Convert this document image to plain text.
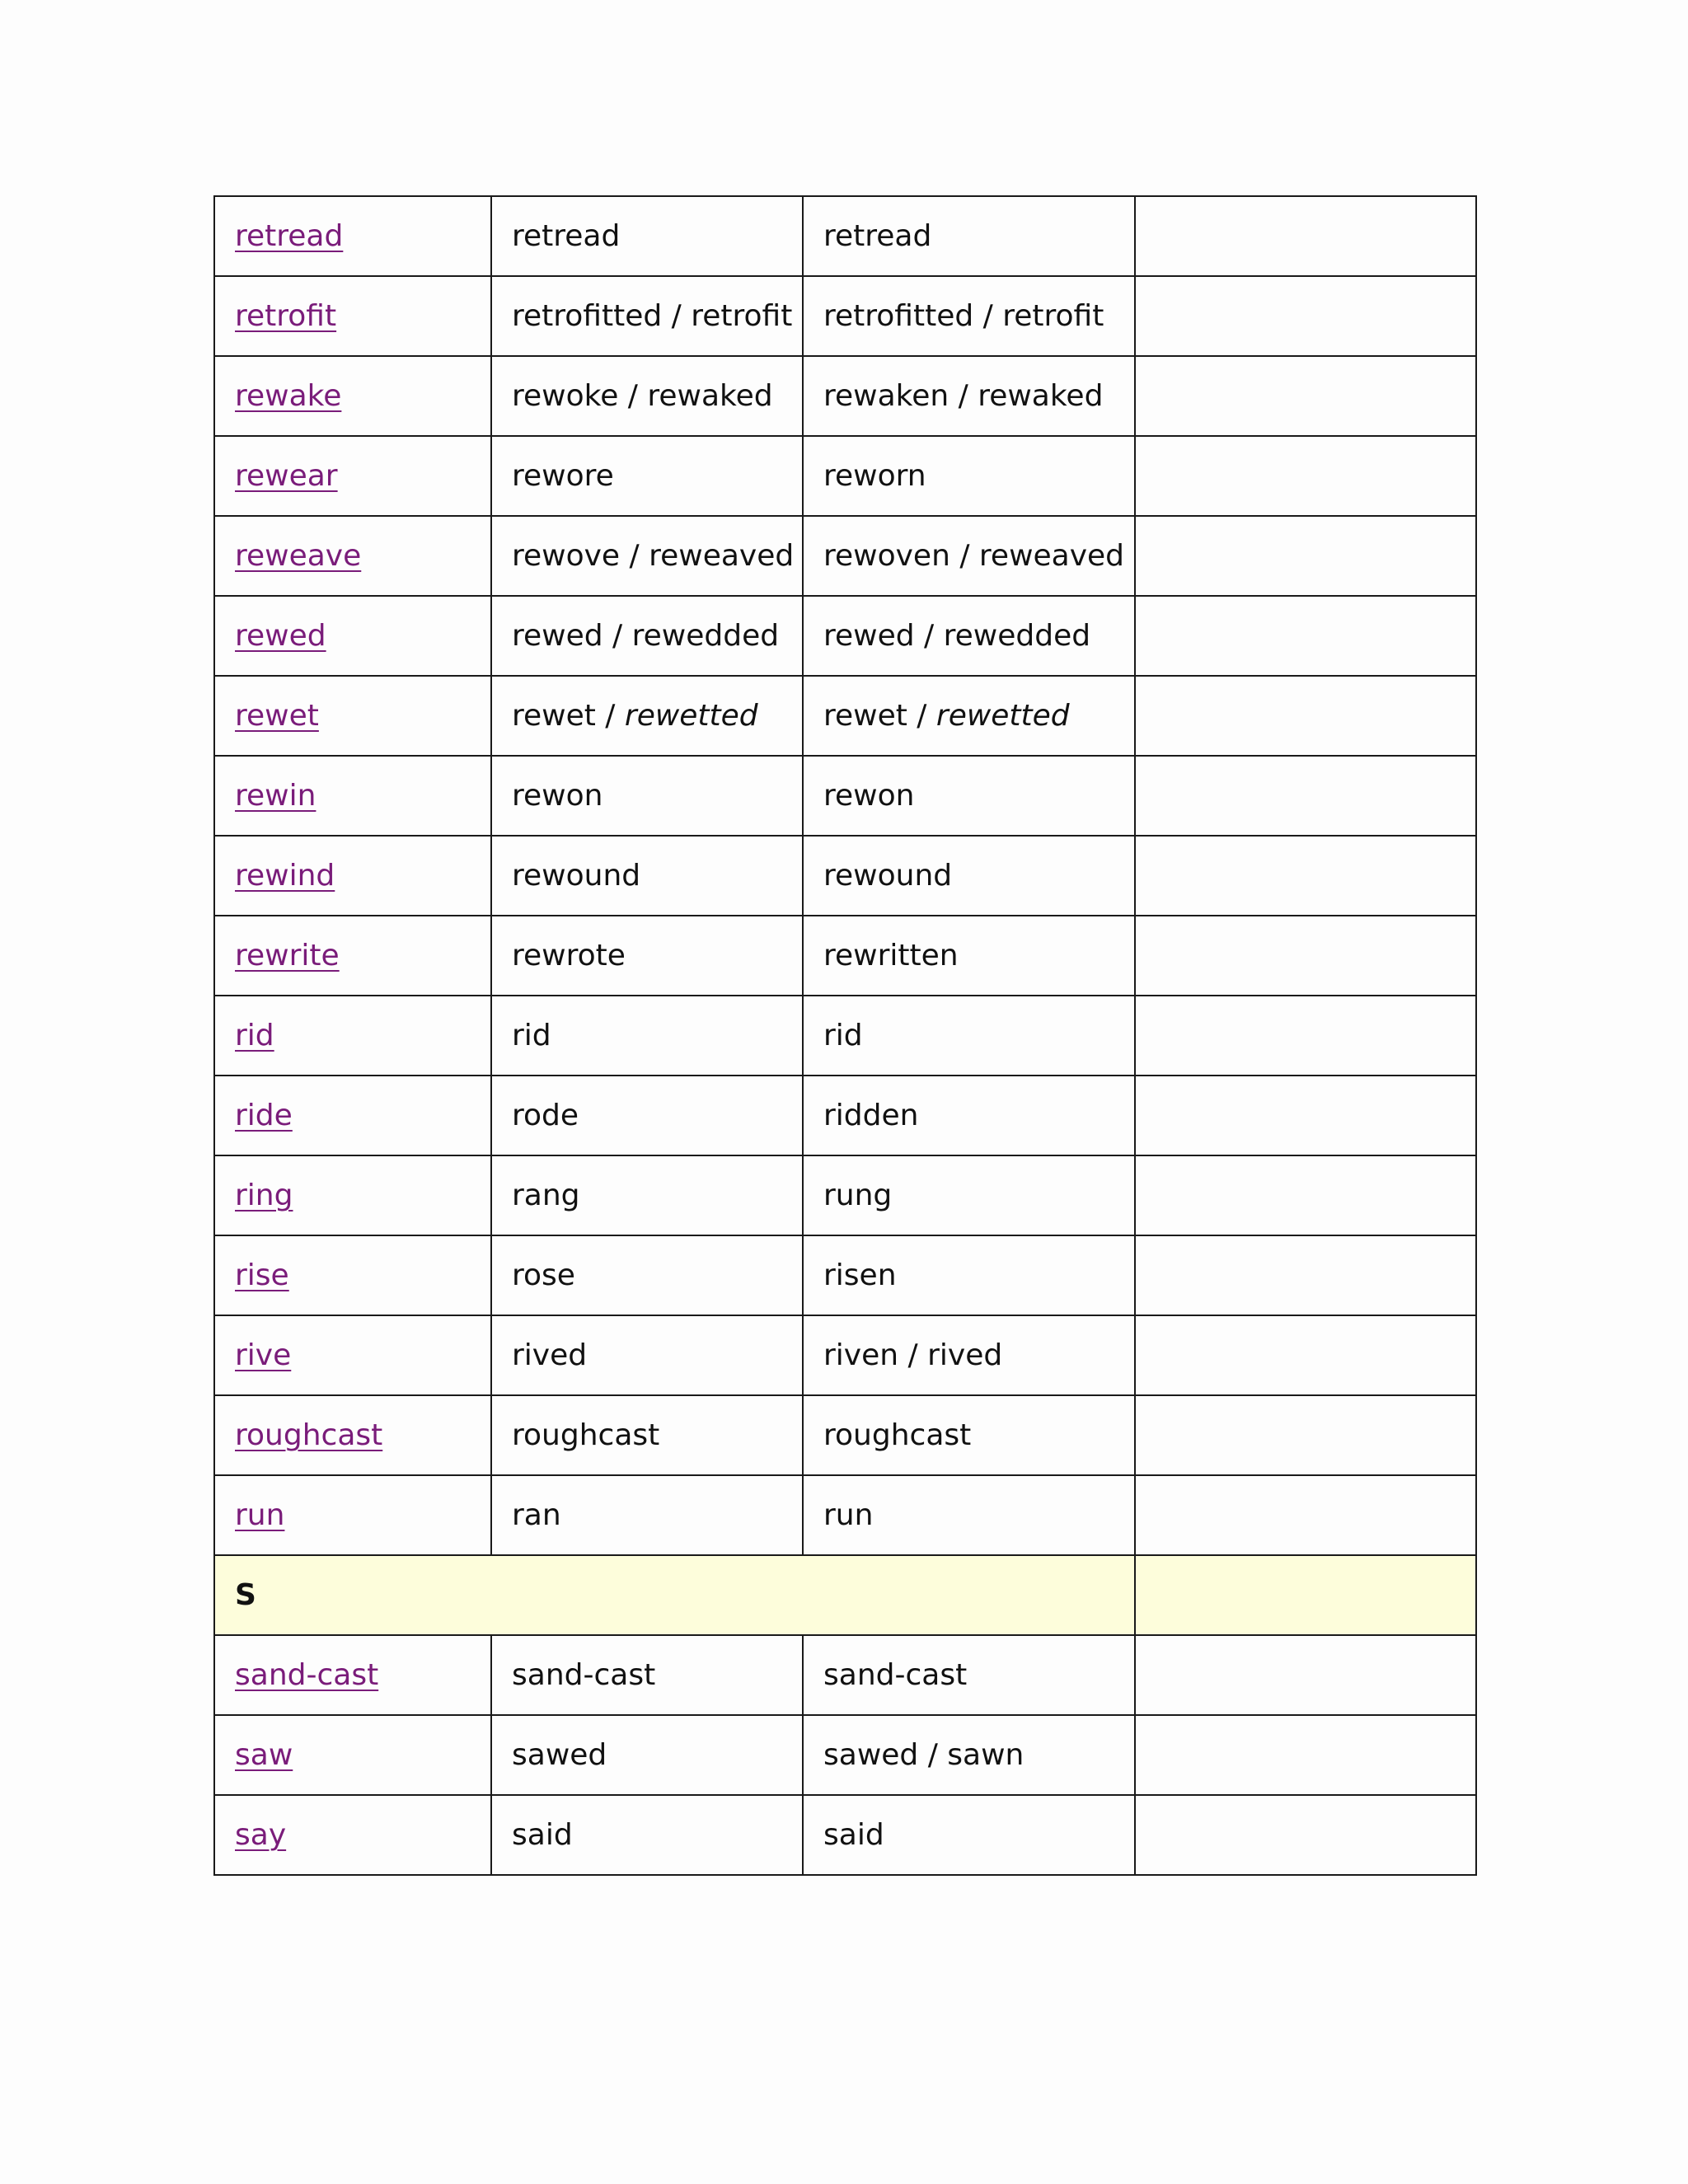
retread	retread	retread	
retrofit	retrofitted / retrofit	retrofitted / retrofit	
rewake	rewoke / rewaked	rewaken / rewaked	
rewear	rewore	reworn	
reweave	rewove / reweaved	rewoven / reweaved	
rewed	rewed / rewedded	rewed / rewedded	
rewet	rewet / rewetted	rewet / rewetted	
rewin	rewon	rewon	
rewind	rewound	rewound	
rewrite	rewrote	rewritten	
rid	rid	rid	
ride	rode	ridden	
ring	rang	rung	
rise	rose	risen	
rive	rived	riven / rived	
roughcast	roughcast	roughcast	
run	ran	run	
S			
sand-cast	sand-cast	sand-cast	
saw	sawed	sawed / sawn	
say	said	said	
